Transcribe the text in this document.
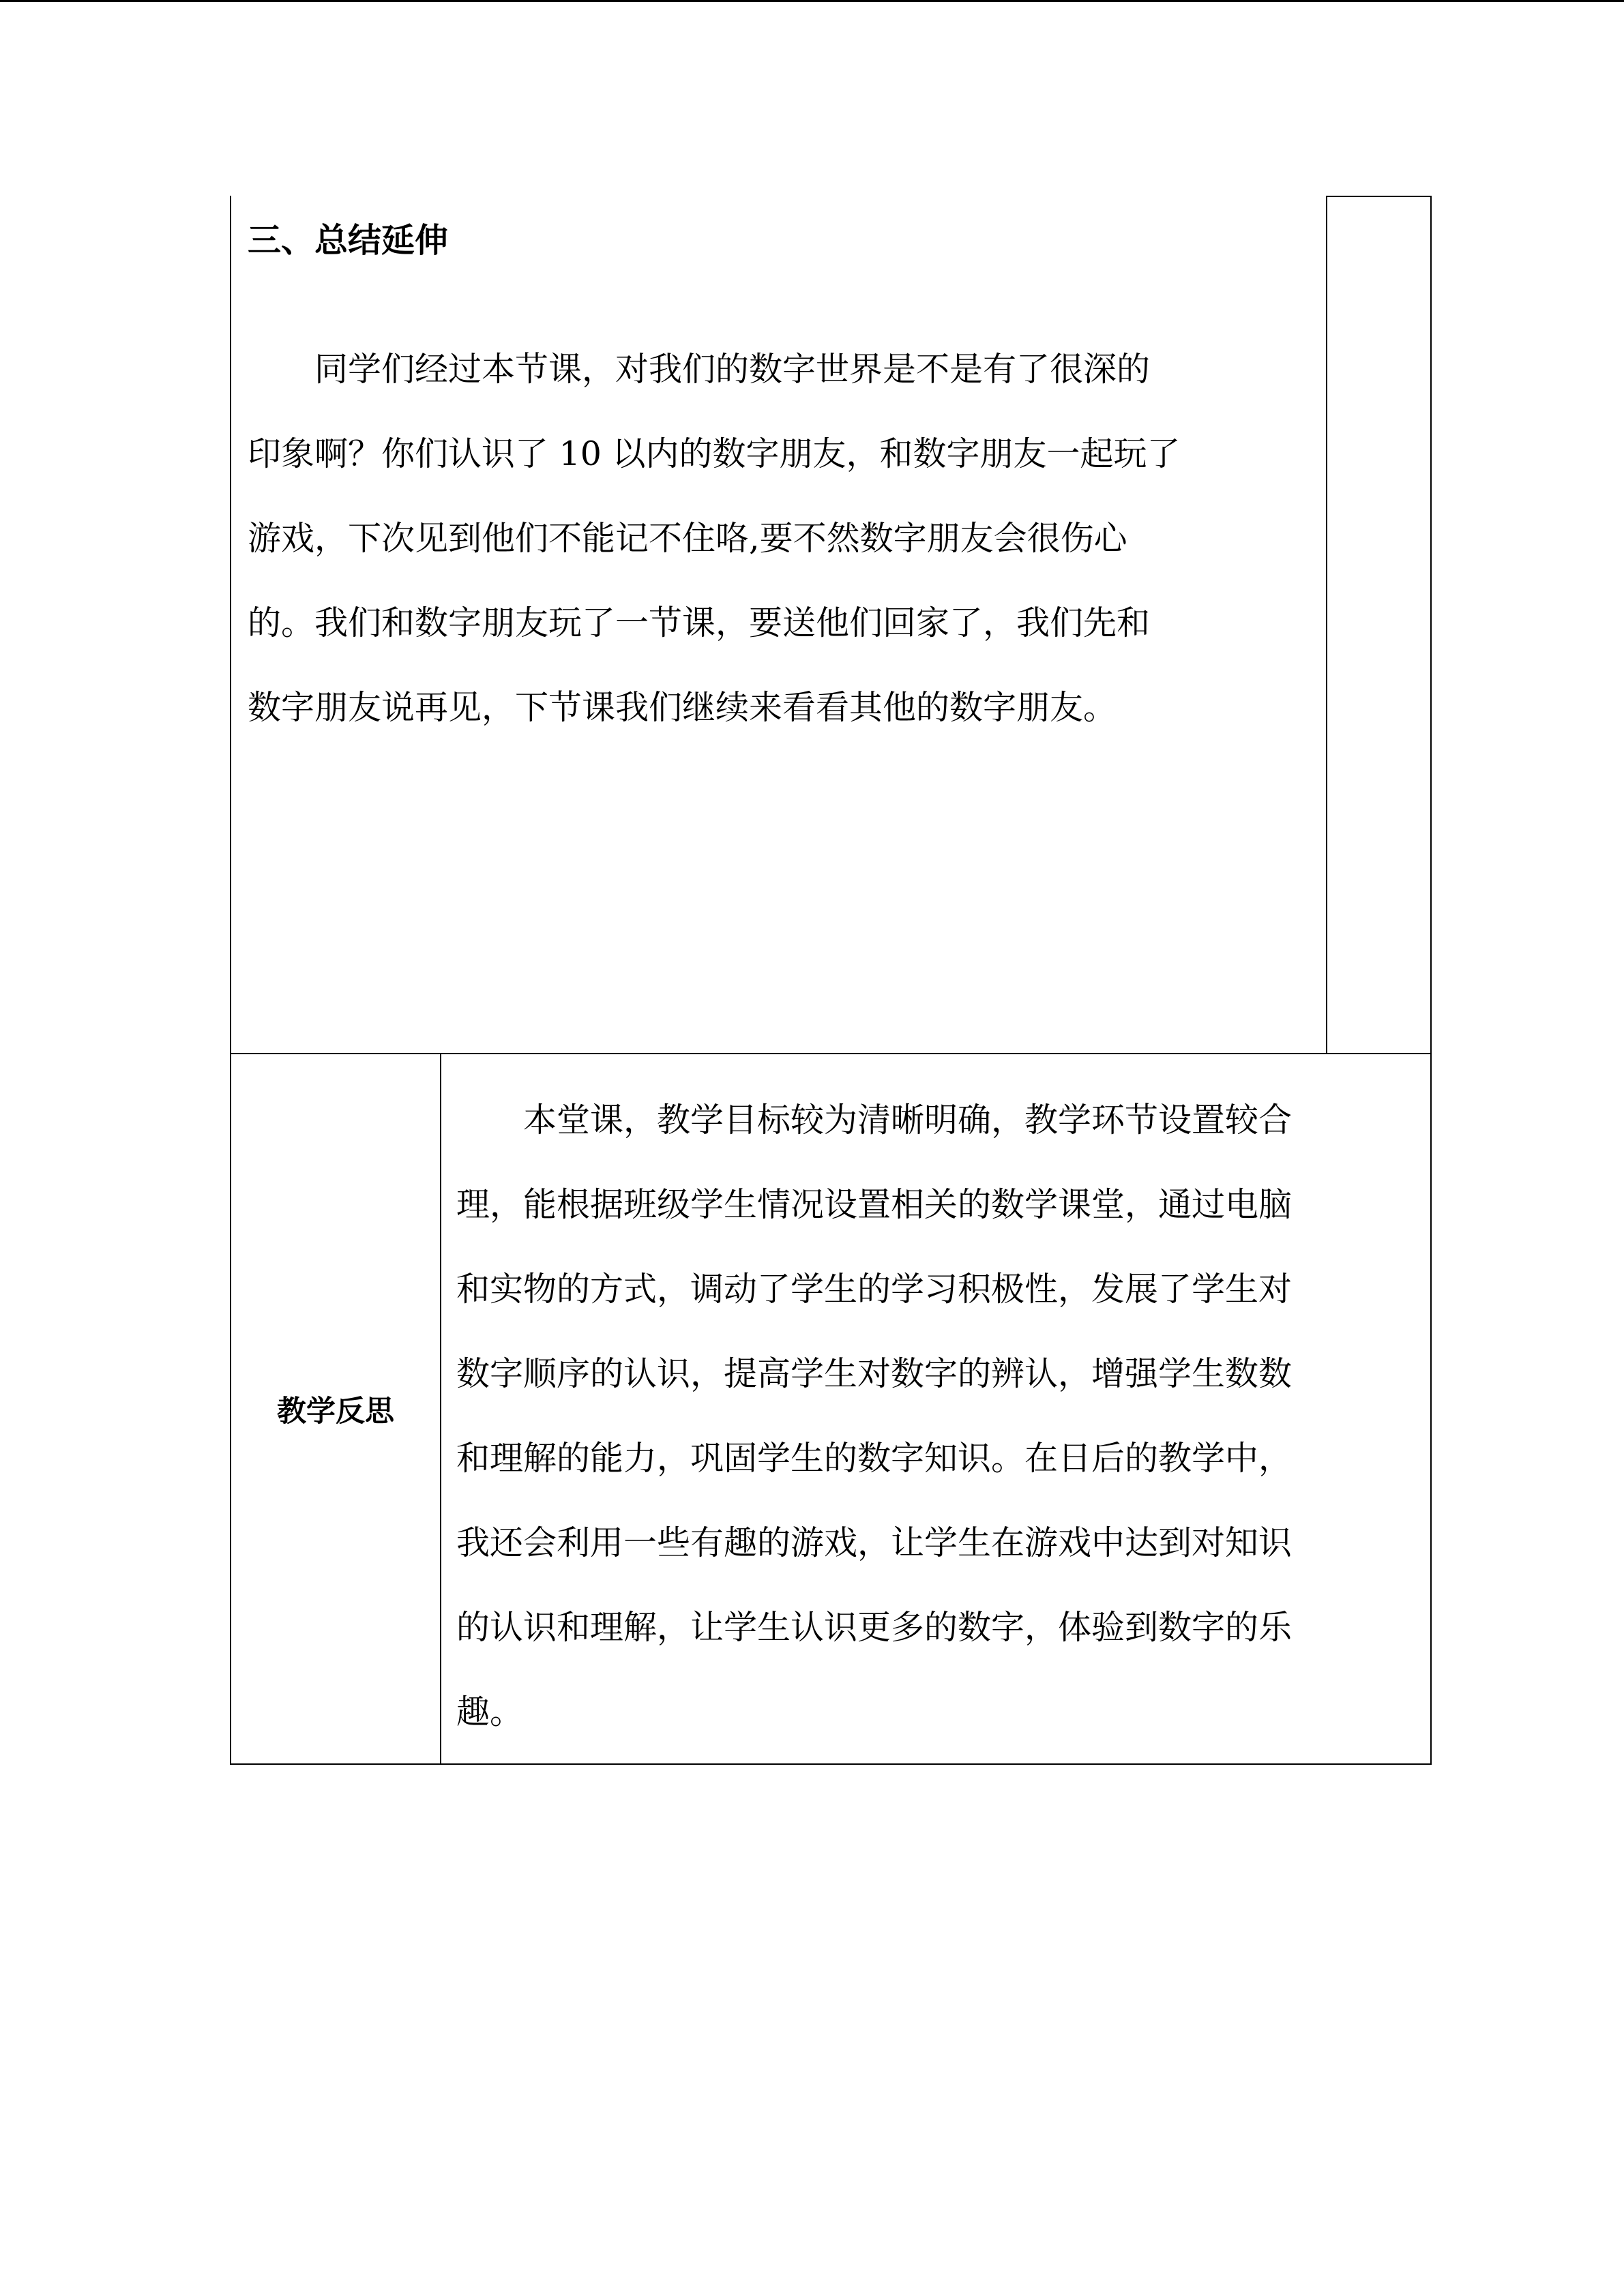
三、总结延伸

　　同学们经过本节课，对我们的数字世界是不是有了很深的
印象啊？你们认识了 10 以内的数字朋友，和数字朋友一起玩了
游戏，下次见到他们不能记不住咯,要不然数字朋友会很伤心
的。我们和数字朋友玩了一节课，要送他们回家了，我们先和
数字朋友说再见，下节课我们继续来看看其他的数字朋友。

教学反思

　　本堂课，教学目标较为清晰明确，教学环节设置较合
理，能根据班级学生情况设置相关的数学课堂，通过电脑
和实物的方式，调动了学生的学习积极性，发展了学生对
数字顺序的认识，提高学生对数字的辨认，增强学生数数
和理解的能力，巩固学生的数字知识。在日后的教学中，
我还会利用一些有趣的游戏，让学生在游戏中达到对知识
的认识和理解，让学生认识更多的数字，体验到数字的乐
趣。
